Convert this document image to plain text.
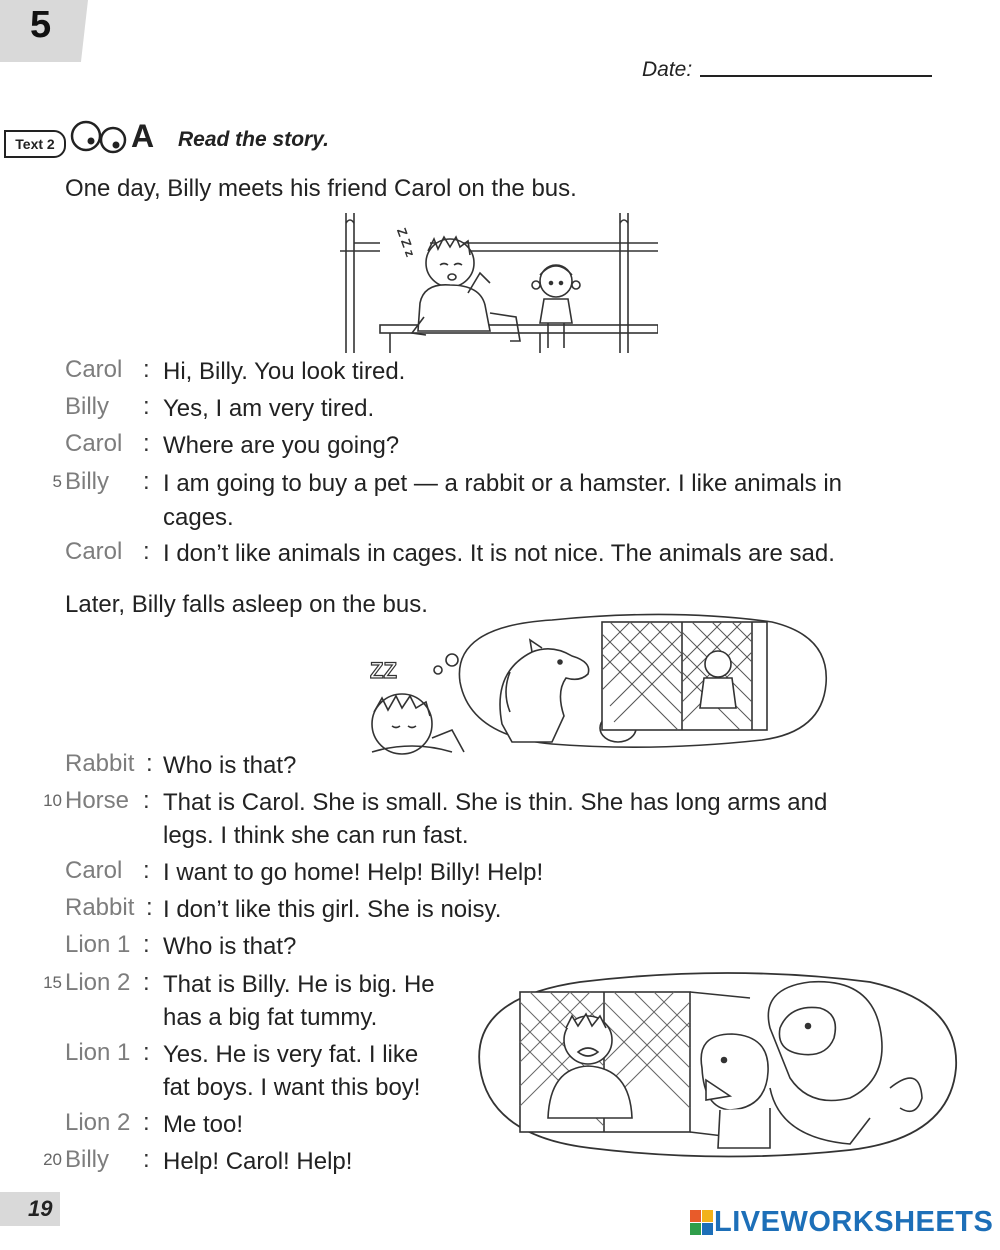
5
Date:
Text 2	A Read the story.
One day, Billy meets his friend Carol on the bus.
Z Z z
Carol : Hi, Billy. You look tired.
Billy : Yes, I am very tired.
Carol : Where are you going?
5 Billy : I am going to buy a pet — a rabbit or a hamster. I like animals in
cages.
Carol : I don’t like animals in cages. It is not nice. The animals are sad.
Later, Billy falls asleep on the bus.
ZZ
Rabbit : Who is that?
10 Horse : That is Carol. She is small. She is thin. She has long arms and
legs. I think she can run fast.
Carol : I want to go home! Help! Billy! Help!
Rabbit : I don’t like this girl. She is noisy.
Lion 1 : Who is that?
15 Lion 2 : That is Billy. He is big. He
has a big fat tummy.
Lion 1 : Yes. He is very fat. I like
fat boys. I want this boy!
Lion 2 : Me too!
20 Billy : Help! Carol! Help!
19	LIVEWORKSHEETS
